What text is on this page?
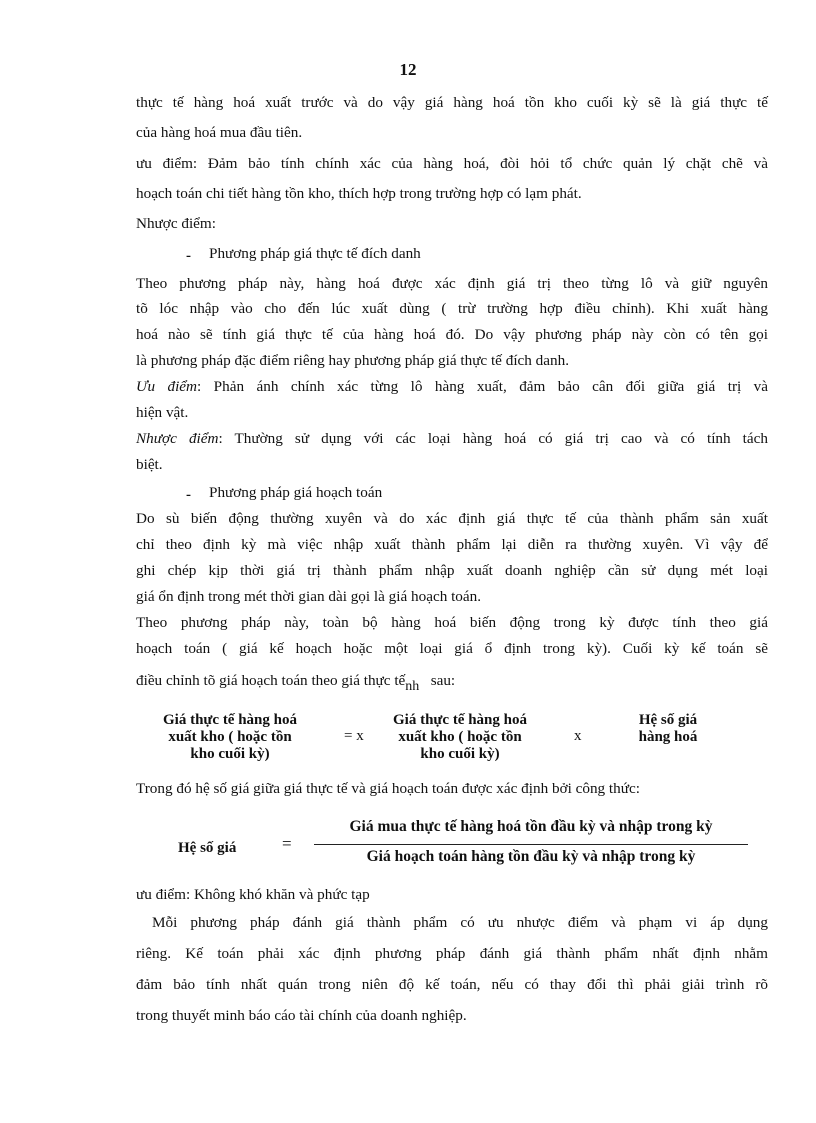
12
thực tế hàng hoá xuất trước và do vậy giá hàng hoá tồn kho cuối kỳ sẽ là giá thực tế
của hàng hoá mua đầu tiên.
ưu điểm: Đảm bảo tính chính xác của hàng hoá, đòi hỏi tổ chức quản lý chặt chẽ và
hoạch toán chi tiết hàng tồn kho, thích hợp trong trường hợp có lạm phát.
Nhược điểm:
- Phương pháp giá thực tế đích danh
Theo phương pháp này, hàng hoá được xác định giá trị theo từng lô và giữ nguyên
tõ lóc nhập vào cho đến lúc xuất dùng ( trừ trường hợp điều chỉnh). Khi xuất hàng
hoá nào sẽ tính giá thực tế của hàng hoá đó. Do vậy phương pháp này còn có tên gọi
là phương pháp đặc điểm riêng hay phương pháp giá thực tế đích danh.
Ưu điểm: Phản ánh chính xác từng lô hàng xuất, đảm bảo cân đối giữa giá trị và
hiện vật.
Nhược điểm: Thường sử dụng với các loại hàng hoá có giá trị cao và có tính tách
biệt.
- Phương pháp giá hoạch toán
Do sù biến động thường xuyên và do xác định giá thực tế của thành phẩm sản xuất
chỉ theo định kỳ mà việc nhập xuất thành phẩm lại diễn ra thường xuyên. Vì vậy để
ghi chép kịp thời giá trị thành phẩm nhập xuất doanh nghiệp cần sử dụng mét loại
giá ổn định trong mét thời gian dài gọi là giá hoạch toán.
Theo phương pháp này, toàn bộ hàng hoá biến động trong kỳ được tính theo giá
hoạch toán ( giá kế hoạch hoặc một loại giá ổ định trong kỳ). Cuối kỳ kế toán sẽ
điều chỉnh tõ giá hoạch toán theo giá thực tếnh sau:
Giá thực tế hàng hoá
xuất kho ( hoặc tồn
kho cuối kỳ)
= x
Giá thực tế hàng hoá
xuất kho ( hoặc tồn
kho cuối kỳ)
x
Hệ số giá
hàng hoá
Trong đó hệ số giá giữa giá thực tế và giá hoạch toán được xác định bởi công thức:
Hệ số giá	=
Giá mua thực tế hàng hoá tồn đầu kỳ và nhập trong kỳ
Giá hoạch toán hàng tồn đầu kỳ và nhập trong kỳ
ưu điểm: Không khó khăn và phức tạp
Mỗi phương pháp đánh giá thành phẩm có ưu nhược điểm và phạm vi áp dụng
riêng. Kế toán phải xác định phương pháp đánh giá thành phẩm nhất định nhằm
đảm bảo tính nhất quán trong niên độ kế toán, nếu có thay đổi thì phải giải trình rõ
trong thuyết minh báo cáo tài chính của doanh nghiệp.
